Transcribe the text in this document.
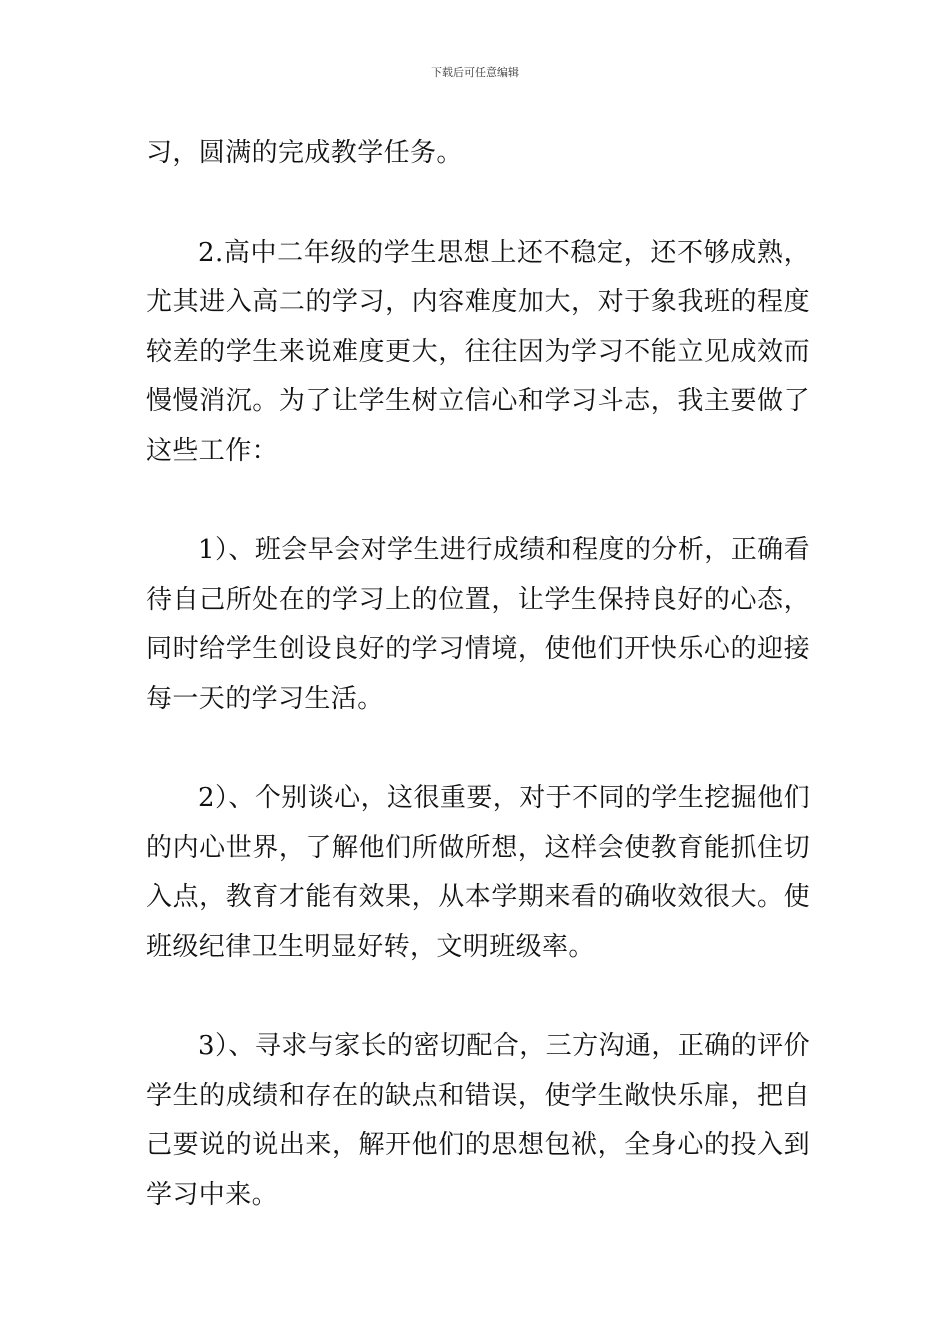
下载后可任意编辑

习，圆满的完成教学任务。

2.高中二年级的学生思想上还不稳定，还不够成熟，尤其进入高二的学习，内容难度加大，对于象我班的程度较差的学生来说难度更大，往往因为学习不能立见成效而慢慢消沉。为了让学生树立信心和学习斗志，我主要做了这些工作：

1）、班会早会对学生进行成绩和程度的分析，正确看待自己所处在的学习上的位置，让学生保持良好的心态，同时给学生创设良好的学习情境，使他们开快乐心的迎接每一天的学习生活。

2）、个别谈心，这很重要，对于不同的学生挖掘他们的内心世界，了解他们所做所想，这样会使教育能抓住切入点，教育才能有效果，从本学期来看的确收效很大。使班级纪律卫生明显好转，文明班级率。

3）、寻求与家长的密切配合，三方沟通，正确的评价学生的成绩和存在的缺点和错误，使学生敞快乐扉，把自己要说的说出来，解开他们的思想包袱，全身心的投入到学习中来。
